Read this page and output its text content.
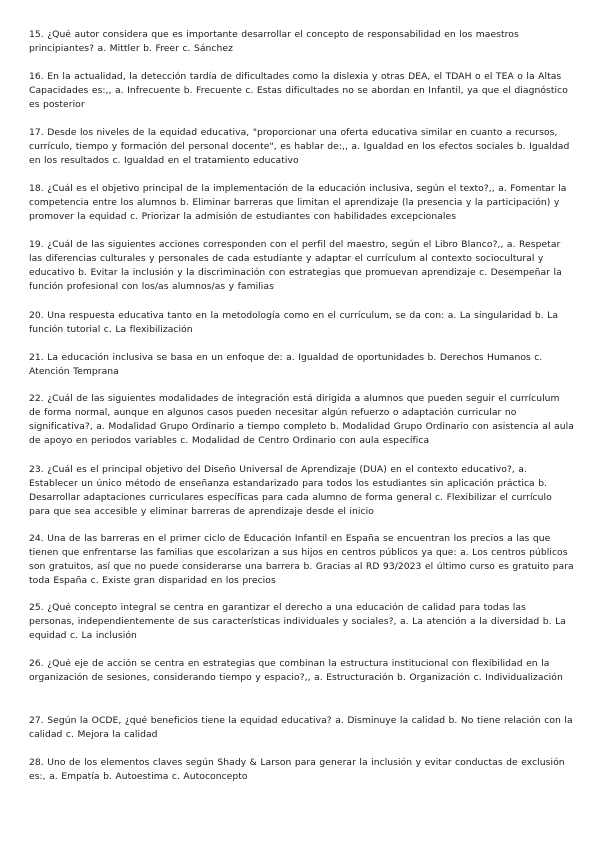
15. ¿Qué autor considera que es importante desarrollar el concepto de responsabilidad en los maestros principiantes? a. Mittler b. Freer c. Sánchez

16. En la actualidad, la detección tardía de dificultades como la dislexia y otras DEA, el TDAH o el TEA o la Altas Capacidades es:,, a. Infrecuente b. Frecuente c. Estas dificultades no se abordan en Infantil, ya que el diagnóstico es posterior

17. Desde los niveles de la equidad educativa, "proporcionar una oferta educativa similar en cuanto a recursos, currículo, tiempo y formación del personal docente", es hablar de:,, a. Igualdad en los efectos sociales b. Igualdad en los resultados c. Igualdad en el tratamiento educativo

18. ¿Cuál es el objetivo principal de la implementación de la educación inclusiva, según el texto?,, a. Fomentar la competencia entre los alumnos b. Eliminar barreras que limitan el aprendizaje (la presencia y la participación) y promover la equidad c. Priorizar la admisión de estudiantes con habilidades excepcionales

19. ¿Cuál de las siguientes acciones corresponden con el perfil del maestro, según el Libro Blanco?,, a. Respetar las diferencias culturales y personales de cada estudiante y adaptar el currículum al contexto sociocultural y educativo b. Evitar la inclusión y la discriminación con estrategias que promuevan aprendizaje c. Desempeñar la función profesional con los/as alumnos/as y familias

20. Una respuesta educativa tanto en la metodología como en el currículum, se da con: a. La singularidad b. La función tutorial c. La flexibilización

21. La educación inclusiva se basa en un enfoque de: a. Igualdad de oportunidades b. Derechos Humanos c. Atención Temprana

22. ¿Cuál de las siguientes modalidades de integración está dirigida a alumnos que pueden seguir el currículum de forma normal, aunque en algunos casos pueden necesitar algún refuerzo o adaptación curricular no significativa?, a. Modalidad Grupo Ordinario a tiempo completo b. Modalidad Grupo Ordinario con asistencia al aula de apoyo en periodos variables c. Modalidad de Centro Ordinario con aula específica

23. ¿Cuál es el principal objetivo del Diseño Universal de Aprendizaje (DUA) en el contexto educativo?, a. Establecer un único método de enseñanza estandarizado para todos los estudiantes sin aplicación práctica b. Desarrollar adaptaciones curriculares específicas para cada alumno de forma general c. Flexibilizar el currículo para que sea accesible y eliminar barreras de aprendizaje desde el inicio

24. Una de las barreras en el primer ciclo de Educación Infantil en España se encuentran los precios a las que tienen que enfrentarse las familias que escolarizan a sus hijos en centros públicos ya que: a. Los centros públicos son gratuitos, así que no puede considerarse una barrera b. Gracias al RD 93/2023 el último curso es gratuito para toda España c. Existe gran disparidad en los precios

25. ¿Qué concepto integral se centra en garantizar el derecho a una educación de calidad para todas las personas, independientemente de sus características individuales y sociales?, a. La atención a la diversidad b. La equidad c. La inclusión

26. ¿Qué eje de acción se centra en estrategias que combinan la estructura institucional con flexibilidad en la organización de sesiones, considerando tiempo y espacio?,, a. Estructuración b. Organización c. Individualización

27. Según la OCDE, ¿qué beneficios tiene la equidad educativa? a. Disminuye la calidad b. No tiene relación con la calidad c. Mejora la calidad

28. Uno de los elementos claves según Shady & Larson para generar la inclusión y evitar conductas de exclusión es:, a. Empatía b. Autoestima c. Autoconcepto
